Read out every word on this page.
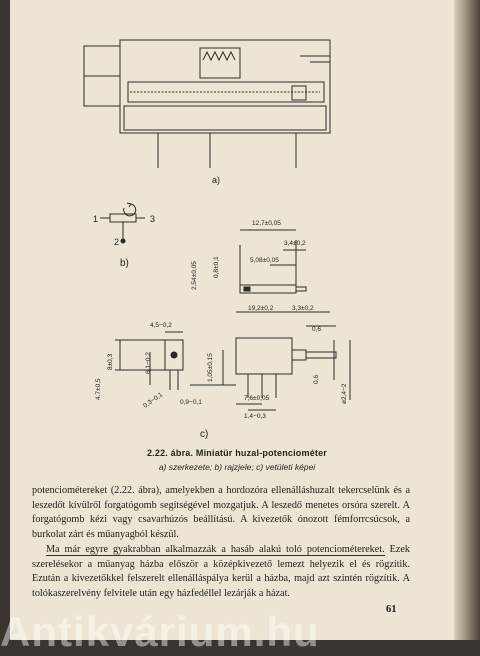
a)
b)
c)
1	3
2
12,7±0,05
3,4±0,2
5,08±0,05
0,8±0,1
2,54±0,05
19,2±0,2	3,3±0,2
0,6
4,5−0,2
8±0,3	6,1−0,2
4,7±0,5
0,3−0,1
1,05±0,15
0,9−0,1
7,6±0,05
0,6
ø2,4−2
1,4−0,3
2.22. ábra. Miniatür huzal-potenciométer
a) szerkezete; b) rajzjele; c) vetületi képei

potenciométereket (2.22. ábra), amelyekben a hordozóra ellenálláshuzalt tekercselünk és a leszedőt kívülről forgatógomb segítségével mozgatjuk. A leszedő menetes orsóra szerelt. A forgatógomb kézi vagy csavarhúzós beállítású. A kivezetők ónozott fémforrcsúcsok, a burkolat zárt és műanyagból készül.

Ma már egyre gyakrabban alkalmazzák a hasáb alakú toló potenciométereket. Ezek szerelésekor a műanyag házba először a középkivezető lemezt helyezik el és rögzítik. Ezután a kivezetőkkel felszerelt ellenálláspálya kerül a házba, majd azt szintén rögzítik. A tolókaszerelvény felvitele után egy házfedéllel lezárják a házat.

61
Antikvárium.hu
